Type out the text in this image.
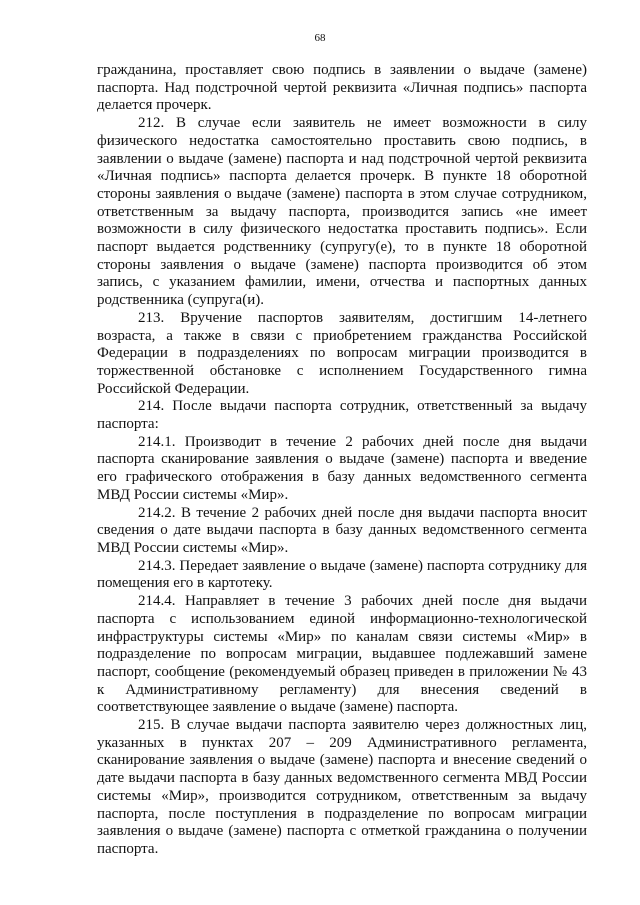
68

гражданина, проставляет свою подпись в заявлении о выдаче (замене) паспорта. Над подстрочной чертой реквизита «Личная подпись» паспорта делается прочерк.

212. В случае если заявитель не имеет возможности в силу физического недостатка самостоятельно проставить свою подпись, в заявлении о выдаче (замене) паспорта и над подстрочной чертой реквизита «Личная подпись» паспорта делается прочерк. В пункте 18 оборотной стороны заявления о выдаче (замене) паспорта в этом случае сотрудником, ответственным за выдачу паспорта, производится запись «не имеет возможности в силу физического недостатка проставить подпись». Если паспорт выдается родственнику (супругу(е), то в пункте 18 оборотной стороны заявления о выдаче (замене) паспорта производится об этом запись, с указанием фамилии, имени, отчества и паспортных данных родственника (супруга(и).

213. Вручение паспортов заявителям, достигшим 14-летнего возраста, а также в связи с приобретением гражданства Российской Федерации в подразделениях по вопросам миграции производится в торжественной обстановке с исполнением Государственного гимна Российской Федерации.

214. После выдачи паспорта сотрудник, ответственный за выдачу паспорта:

214.1. Производит в течение 2 рабочих дней после дня выдачи паспорта сканирование заявления о выдаче (замене) паспорта и введение его графического отображения в базу данных ведомственного сегмента МВД России системы «Мир».

214.2. В течение 2 рабочих дней после дня выдачи паспорта вносит сведения о дате выдачи паспорта в базу данных ведомственного сегмента МВД России системы «Мир».

214.3. Передает заявление о выдаче (замене) паспорта сотруднику для помещения его в картотеку.

214.4. Направляет в течение 3 рабочих дней после дня выдачи паспорта с использованием единой информационно-технологической инфраструктуры системы «Мир» по каналам связи системы «Мир» в подразделение по вопросам миграции, выдавшее подлежавший замене паспорт, сообщение (рекомендуемый образец приведен в приложении № 43 к Административному регламенту) для внесения сведений в соответствующее заявление о выдаче (замене) паспорта.

215. В случае выдачи паспорта заявителю через должностных лиц, указанных в пунктах 207 – 209 Административного регламента, сканирование заявления о выдаче (замене) паспорта и внесение сведений о дате выдачи паспорта в базу данных ведомственного сегмента МВД России системы «Мир», производится сотрудником, ответственным за выдачу паспорта, после поступления в подразделение по вопросам миграции заявления о выдаче (замене) паспорта с отметкой гражданина о получении паспорта.
